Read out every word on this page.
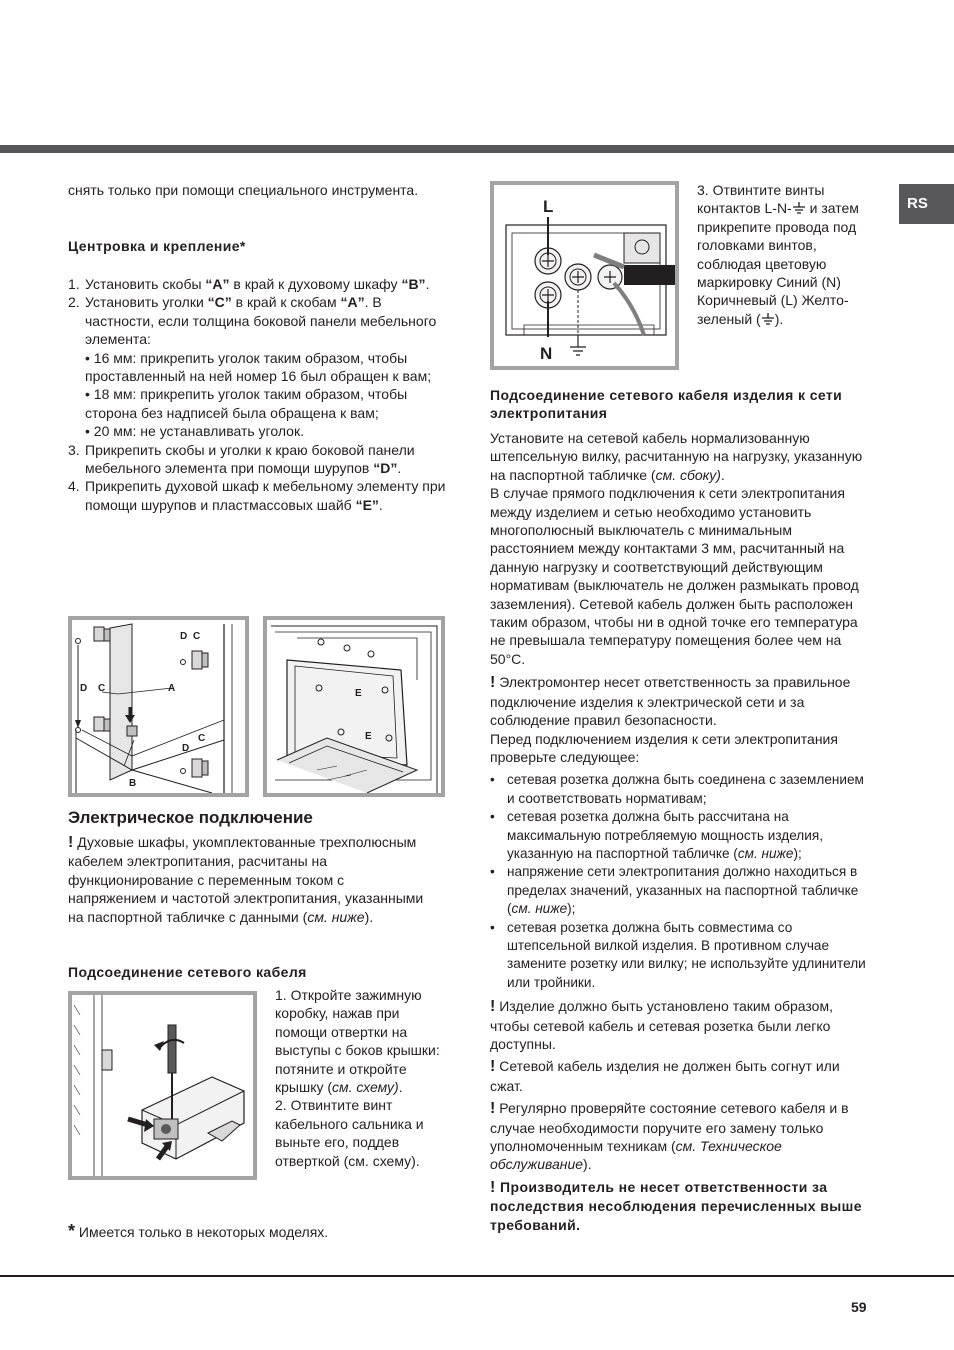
RS

снять только при помощи специального инструмента.

Центровка и крепление*

1. Установить скобы “A” в край к духовому шкафу “B”.
2. Установить уголки “C” в край к скобам “A”. В частности, если толщина боковой панели мебельного элемента:
• 16 мм: прикрепить уголок таким образом, чтобы проставленный на ней номер 16 был обращен к вам;
• 18 мм: прикрепить уголок таким образом, чтобы сторона без надписей была обращена к вам;
• 20 мм: не устанавливать уголок.
3. Прикрепить скобы и уголки к краю боковой панели мебельного элемента при помощи шурупов “D”.
4. Прикрепить духовой шкаф к мебельному элементу при помощи шурупов и пластмассовых шайб “E”.
D C
D C	A
D
C
B
E
E

Электрическое подключение

! Духовые шкафы, укомплектованные трехполюсным кабелем электропитания, расчитаны на функционирование с переменным током с напряжением и частотой электропитания, указанными на паспортной табличке с данными (см. ниже).

Подсоединение сетевого кабеля

1. Откройте зажимную коробку, нажав при помощи отвертки на выступы с боков крышки: потяните и откройте крышку (см. схему).

2. Отвинтите винт кабельного сальника и выньте его, поддев отверткой (см. схему).

* Имеется только в некоторых моделях.

L
N

3. Отвинтите винты контактов L-N- и затем прикрепите провода под головками винтов, соблюдая цветовую маркировку Синий (N) Коричневый (L) Желто-зеленый ( ).

Подсоединение сетевого кабеля изделия к сети электропитания

Установите на сетевой кабель нормализованную штепсельную вилку, расчитанную на нагрузку, указанную на паспортной табличке (см. сбоку).

В случае прямого подключения к сети электропитания между изделием и сетью необходимо установить многополюсный выключатель с минимальным расстоянием между контактами 3 мм, расчитанный на данную нагрузку и соответствующий действующим нормативам (выключатель не должен размыкать провод заземления). Сетевой кабель должен быть расположен таким образом, чтобы ни в одной точке его температура не превышала температуру помещения более чем на 50°C.

! Электромонтер несет ответственность за правильное подключение изделия к электрической сети и за соблюдение правил безопасности.

Перед подключением изделия к сети электропитания проверьте следующее:

• сетевая розетка должна быть соединена с заземлением и соответствовать нормативам;
• сетевая розетка должна быть рассчитана на максимальную потребляемую мощность изделия, указанную на паспортной табличке (см. ниже);
• напряжение сети электропитания должно находиться в пределах значений, указанных на паспортной табличке (см. ниже);
• сетевая розетка должна быть совместима со штепсельной вилкой изделия. В противном случае замените розетку или вилку; не используйте удлинители или тройники.

! Изделие должно быть установлено таким образом, чтобы сетевой кабель и сетевая розетка были легко доступны.

! Сетевой кабель изделия не должен быть согнут или сжат.

! Регулярно проверяйте состояние сетевого кабеля и в случае необходимости поручите его замену только уполномоченным техникам (см. Техническое обслуживание).

! Производитель не несет ответственности за последствия несоблюдения перечисленных выше требований.

59
